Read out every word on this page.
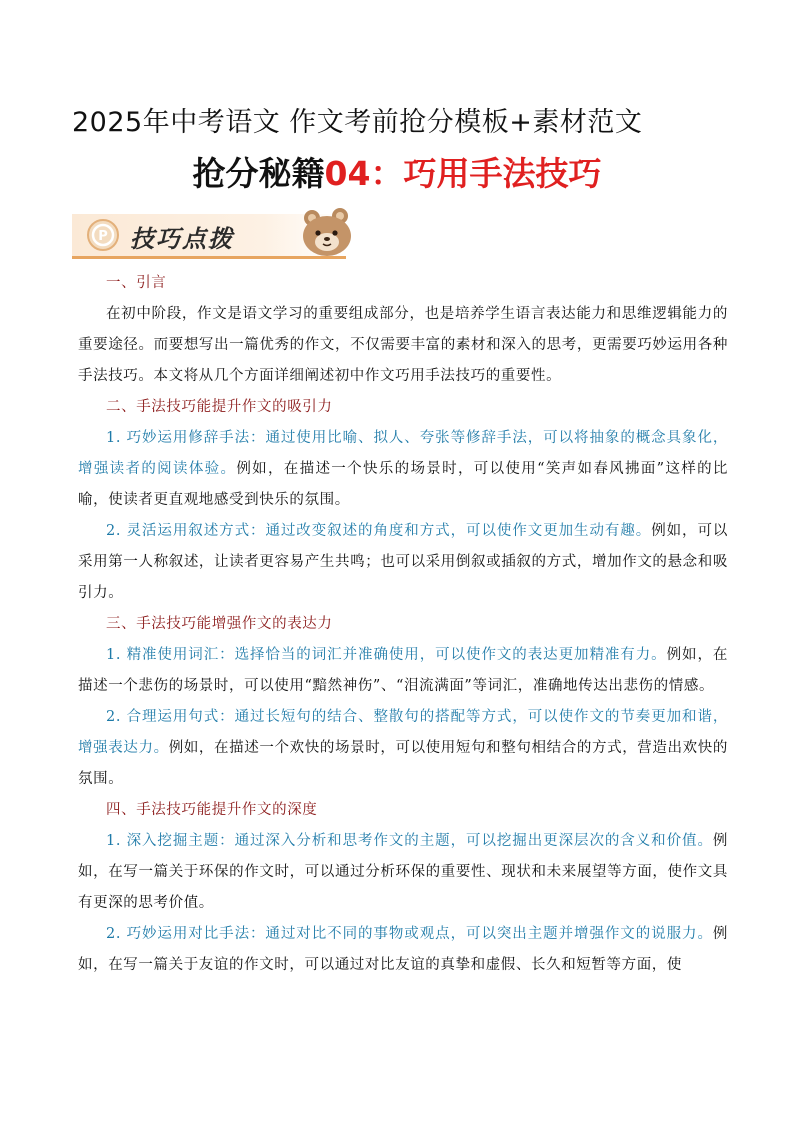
2025年中考语文 作文考前抢分模板+素材范文
抢分秘籍04：巧用手法技巧
P 技巧点拨

一、引言

在初中阶段，作文是语文学习的重要组成部分，也是培养学生语言表达能力和思维逻辑能力的重要途径。而要想写出一篇优秀的作文，不仅需要丰富的素材和深入的思考，更需要巧妙运用各种手法技巧。本文将从几个方面详细阐述初中作文巧用手法技巧的重要性。

二、手法技巧能提升作文的吸引力

1. 巧妙运用修辞手法：通过使用比喻、拟人、夸张等修辞手法，可以将抽象的概念具象化，增强读者的阅读体验。例如，在描述一个快乐的场景时，可以使用“笑声如春风拂面”这样的比喻，使读者更直观地感受到快乐的氛围。

2. 灵活运用叙述方式：通过改变叙述的角度和方式，可以使作文更加生动有趣。例如，可以采用第一人称叙述，让读者更容易产生共鸣；也可以采用倒叙或插叙的方式，增加作文的悬念和吸引力。

三、手法技巧能增强作文的表达力

1. 精准使用词汇：选择恰当的词汇并准确使用，可以使作文的表达更加精准有力。例如，在描述一个悲伤的场景时，可以使用“黯然神伤”、“泪流满面”等词汇，准确地传达出悲伤的情感。

2. 合理运用句式：通过长短句的结合、整散句的搭配等方式，可以使作文的节奏更加和谐，增强表达力。例如，在描述一个欢快的场景时，可以使用短句和整句相结合的方式，营造出欢快的氛围。

四、手法技巧能提升作文的深度

1. 深入挖掘主题：通过深入分析和思考作文的主题，可以挖掘出更深层次的含义和价值。例如，在写一篇关于环保的作文时，可以通过分析环保的重要性、现状和未来展望等方面，使作文具有更深的思考价值。

2. 巧妙运用对比手法：通过对比不同的事物或观点，可以突出主题并增强作文的说服力。例如，在写一篇关于友谊的作文时，可以通过对比友谊的真挚和虚假、长久和短暂等方面，使
